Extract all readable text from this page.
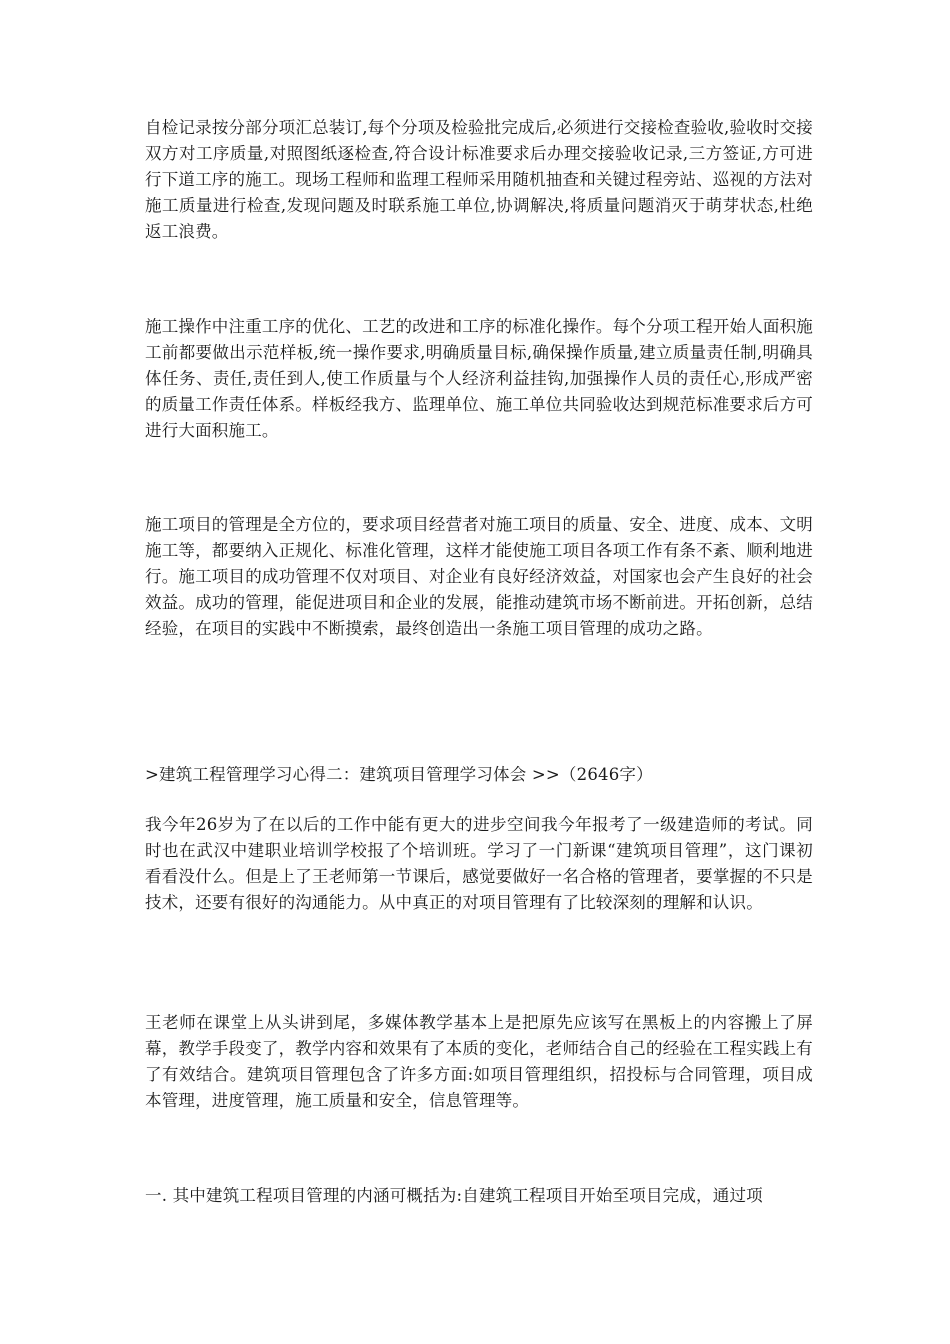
自检记录按分部分项汇总装订,每个分项及检验批完成后,必须进行交接检查验收,验收时交接双方对工序质量,对照图纸逐检查,符合设计标准要求后办理交接验收记录,三方签证,方可进行下道工序的施工。现场工程师和监理工程师采用随机抽查和关键过程旁站、巡视的方法对施工质量进行检查,发现问题及时联系施工单位,协调解决,将质量问题消灭于萌芽状态,杜绝返工浪费。

施工操作中注重工序的优化、工艺的改进和工序的标准化操作。每个分项工程开始人面积施工前都要做出示范样板,统一操作要求,明确质量目标,确保操作质量,建立质量责任制,明确具体任务、责任,责任到人,使工作质量与个人经济利益挂钩,加强操作人员的责任心,形成严密的质量工作责任体系。样板经我方、监理单位、施工单位共同验收达到规范标准要求后方可进行大面积施工。

施工项目的管理是全方位的，要求项目经营者对施工项目的质量、安全、进度、成本、文明施工等，都要纳入正规化、标准化管理，这样才能使施工项目各项工作有条不紊、顺利地进行。施工项目的成功管理不仅对项目、对企业有良好经济效益，对国家也会产生良好的社会效益。成功的管理，能促进项目和企业的发展，能推动建筑市场不断前进。开拓创新，总结经验，在项目的实践中不断摸索，最终创造出一条施工项目管理的成功之路。

>建筑工程管理学习心得二：建筑项目管理学习体会 >>（2646字）

我今年26岁为了在以后的工作中能有更大的进步空间我今年报考了一级建造师的考试。同时也在武汉中建职业培训学校报了个培训班。学习了一门新课“建筑项目管理”，这门课初看看没什么。但是上了王老师第一节课后，感觉要做好一名合格的管理者，要掌握的不只是技术，还要有很好的沟通能力。从中真正的对项目管理有了比较深刻的理解和认识。

王老师在课堂上从头讲到尾，多媒体教学基本上是把原先应该写在黑板上的内容搬上了屏幕，教学手段变了，教学内容和效果有了本质的变化，老师结合自己的经验在工程实践上有了有效结合。建筑项目管理包含了许多方面:如项目管理组织，招投标与合同管理，项目成本管理，进度管理，施工质量和安全，信息管理等。

一. 其中建筑工程项目管理的内涵可概括为:自建筑工程项目开始至项目完成，通过项
